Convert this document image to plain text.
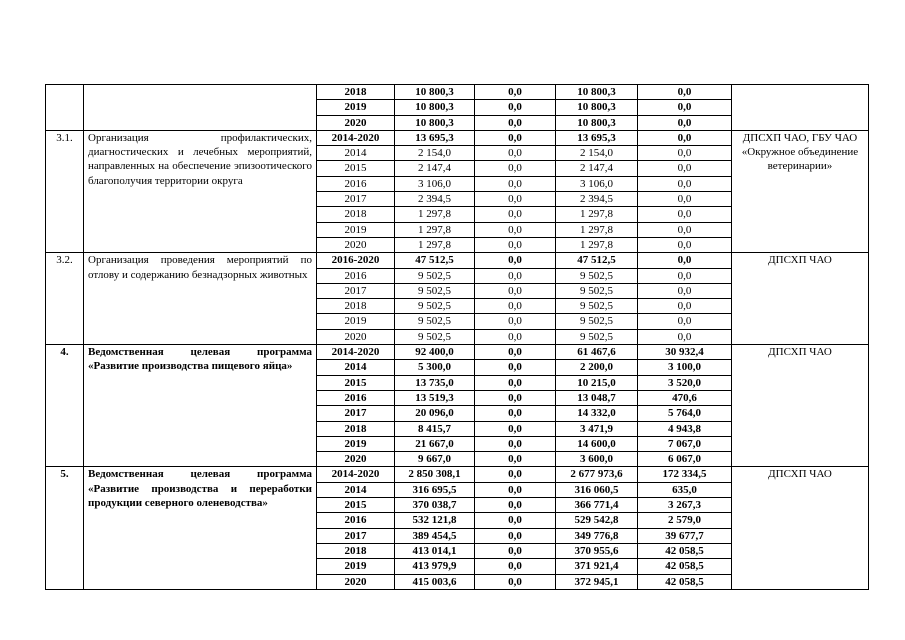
		2018	10 800,3	0,0	10 800,3	0,0	
		2019	10 800,3	0,0	10 800,3	0,0	
		2020	10 800,3	0,0	10 800,3	0,0	
3.1.	Организация профилактических, диагностических и лечебных мероприятий, направленных на обеспечение эпизоотического благополучия территории округа	2014-2020	13 695,3	0,0	13 695,3	0,0	ДПСХП ЧАО, ГБУ ЧАО «Окружное объединение ветеринарии»
		2014	2 154,0	0,0	2 154,0	0,0	
		2015	2 147,4	0,0	2 147,4	0,0	
		2016	3 106,0	0,0	3 106,0	0,0	
		2017	2 394,5	0,0	2 394,5	0,0	
		2018	1 297,8	0,0	1 297,8	0,0	
		2019	1 297,8	0,0	1 297,8	0,0	
		2020	1 297,8	0,0	1 297,8	0,0	
3.2.	Организация проведения мероприятий по отлову и содержанию безнадзорных животных	2016-2020	47 512,5	0,0	47 512,5	0,0	ДПСХП ЧАО
		2016	9 502,5	0,0	9 502,5	0,0	
		2017	9 502,5	0,0	9 502,5	0,0	
		2018	9 502,5	0,0	9 502,5	0,0	
		2019	9 502,5	0,0	9 502,5	0,0	
		2020	9 502,5	0,0	9 502,5	0,0	
4.	Ведомственная целевая программа «Развитие производства пищевого яйца»	2014-2020	92 400,0	0,0	61 467,6	30 932,4	ДПСХП ЧАО
		2014	5 300,0	0,0	2 200,0	3 100,0	
		2015	13 735,0	0,0	10 215,0	3 520,0	
		2016	13 519,3	0,0	13 048,7	470,6	
		2017	20 096,0	0,0	14 332,0	5 764,0	
		2018	8 415,7	0,0	3 471,9	4 943,8	
		2019	21 667,0	0,0	14 600,0	7 067,0	
		2020	9 667,0	0,0	3 600,0	6 067,0	
5.	Ведомственная целевая программа «Развитие производства и переработки продукции северного оленеводства»	2014-2020	2 850 308,1	0,0	2 677 973,6	172 334,5	ДПСХП ЧАО
		2014	316 695,5	0,0	316 060,5	635,0	
		2015	370 038,7	0,0	366 771,4	3 267,3	
		2016	532 121,8	0,0	529 542,8	2 579,0	
		2017	389 454,5	0,0	349 776,8	39 677,7	
		2018	413 014,1	0,0	370 955,6	42 058,5	
		2019	413 979,9	0,0	371 921,4	42 058,5	
		2020	415 003,6	0,0	372 945,1	42 058,5	
